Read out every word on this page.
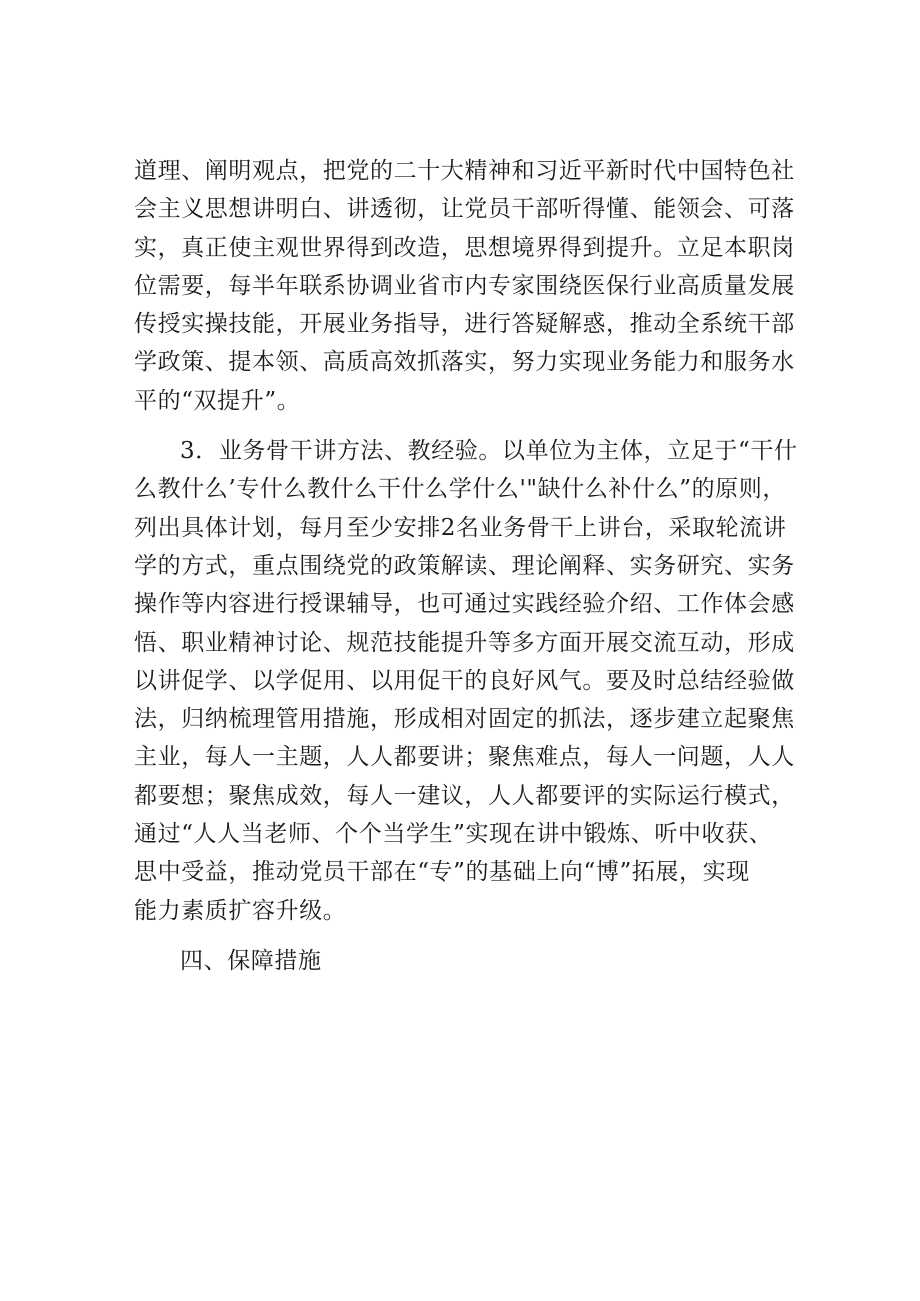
道理、阐明观点，把党的二十大精神和习近平新时代中国特色社
会主义思想讲明白、讲透彻，让党员干部听得懂、能领会、可落
实，真正使主观世界得到改造，思想境界得到提升。立足本职岗
位需要，每半年联系协调业省市内专家围绕医保行业高质量发展
传授实操技能，开展业务指导，进行答疑解惑，推动全系统干部
学政策、提本领、高质高效抓落实，努力实现业务能力和服务水
平的“双提升”。
3．业务骨干讲方法、教经验。以单位为主体，立足于“干什
么教什么’专什么教什么干什么学什么'"缺什么补什么”的原则，
列出具体计划，每月至少安排2名业务骨干上讲台，采取轮流讲
学的方式，重点围绕党的政策解读、理论阐释、实务研究、实务
操作等内容进行授课辅导，也可通过实践经验介绍、工作体会感
悟、职业精神讨论、规范技能提升等多方面开展交流互动，形成
以讲促学、以学促用、以用促干的良好风气。要及时总结经验做
法，归纳梳理管用措施，形成相对固定的抓法，逐步建立起聚焦
主业，每人一主题，人人都要讲；聚焦难点，每人一问题，人人
都要想；聚焦成效，每人一建议，人人都要评的实际运行模式，
通过“人人当老师、个个当学生”实现在讲中锻炼、听中收获、
思中受益，推动党员干部在“专”的基础上向“博”拓展，实现
能力素质扩容升级。
四、保障措施
